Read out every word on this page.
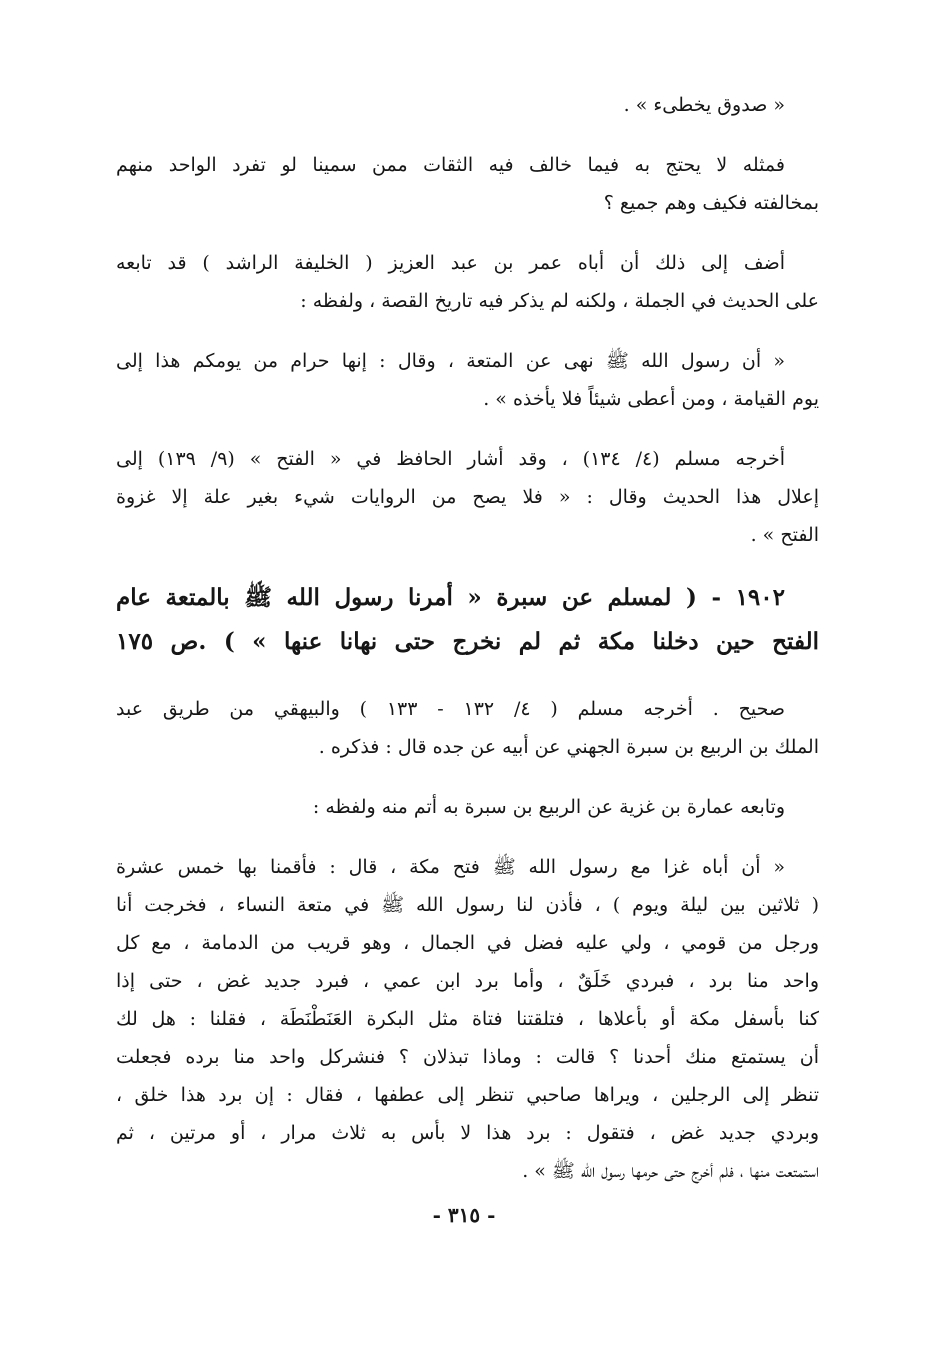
« صدوق يخطىء » .
فمثله لا يحتج به فيما خالف فيه الثقات ممن سمينا لو تفرد الواحد منهم
بمخالفته فكيف وهم جميع ؟
أضف إلى ذلك أن أباه عمر بن عبد العزيز ( الخليفة الراشد ) قد تابعه
على الحديث في الجملة ، ولكنه لم يذكر فيه تاريخ القصة ، ولفظه :
« أن رسول الله ﷺ نهى عن المتعة ، وقال : إنها حرام من يومكم هذا إلى
يوم القيامة ، ومن أعطى شيئاً فلا يأخذه » .
أخرجه مسلم (٤/ ١٣٤) ، وقد أشار الحافظ في « الفتح » (٩/ ١٣٩) إلى
إعلال هذا الحديث وقال : « فلا يصح من الروايات شيء بغير علة إلا غزوة
الفتح » .
١٩٠٢ - ( لمسلم عن سبرة « أمرنا رسول الله ﷺ بالمتعة عام
الفتح حين دخلنا مكة ثم لم نخرج حتى نهانا عنها » ) .ص ١٧٥
صحيح . أخرجه مسلم ( ٤/ ١٣٢ - ١٣٣ ) والبيهقي من طريق عبد
الملك بن الربيع بن سبرة الجهني عن أبيه عن جده قال : فذكره .
وتابعه عمارة بن غزية عن الربيع بن سبرة به أتم منه ولفظه :
« أن أباه غزا مع رسول الله ﷺ فتح مكة ، قال : فأقمنا بها خمس عشرة
( ثلاثين بين ليلة ويوم ) ، فأذن لنا رسول الله ﷺ في متعة النساء ، فخرجت أنا
ورجل من قومي ، ولي عليه فضل في الجمال ، وهو قريب من الدمامة ، مع كل
واحد منا برد ، فبردي خَلَقٌ ، وأما برد ابن عمي ، فبرد جديد غض ، حتى إذا
كنا بأسفل مكة أو بأعلاها ، فتلقتنا فتاة مثل البكرة العَنَطْنَطَة ، فقلنا : هل لك
أن يستمتع منك أحدنا ؟ قالت : وماذا تبذلان ؟ فنشركل واحد منا برده فجعلت
تنظر إلى الرجلين ، ويراها صاحبي تنظر إلى عطفها ، فقال : إن برد هذا خلق ،
وبردي جديد غض ، فتقول : برد هذا لا بأس به ثلاث مرار ، أو مرتين ، ثم
استمتعت منها ، فلم أخرج حتى حرمها رسول الله ﷺ » .
- ٣١٥ -
